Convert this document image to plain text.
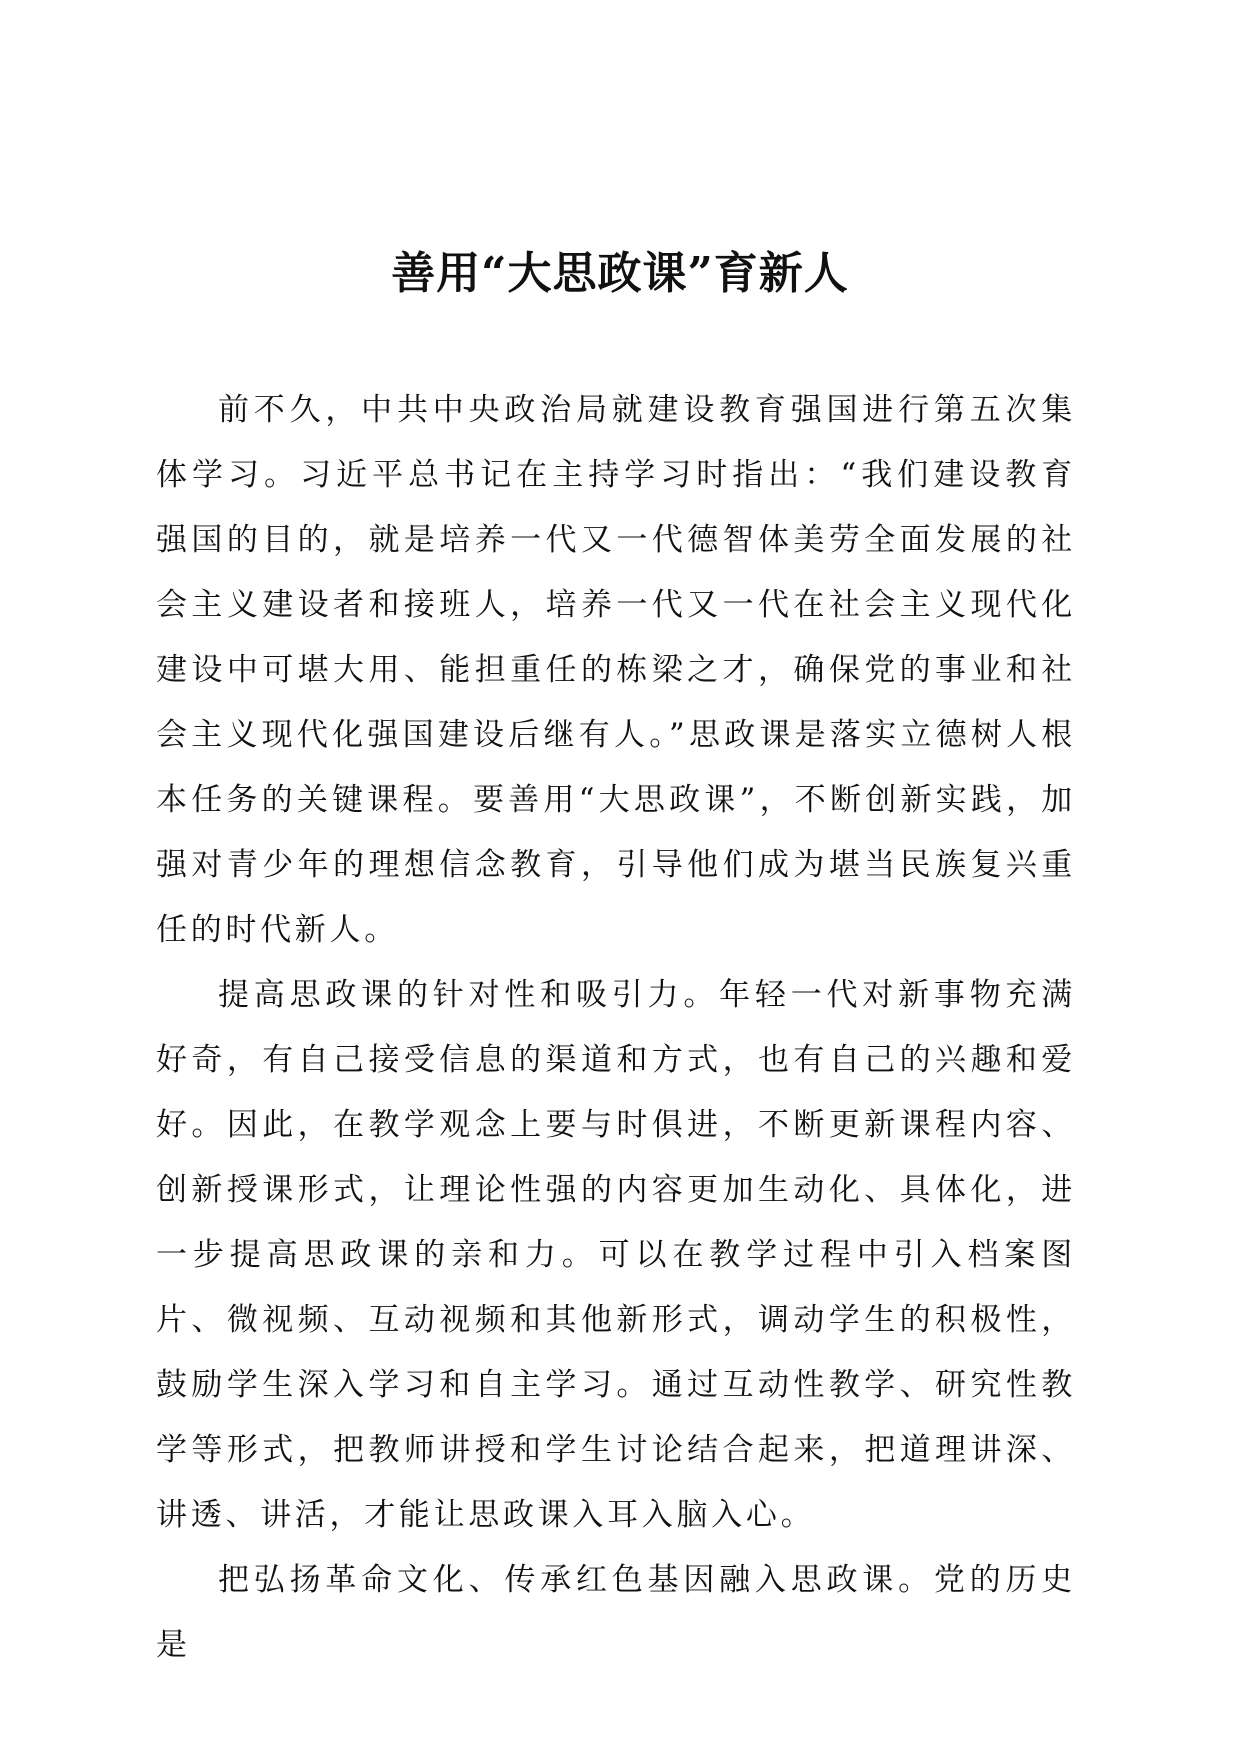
善用“大思政课”育新人

前不久，中共中央政治局就建设教育强国进行第五次集体学习。习近平总书记在主持学习时指出：“我们建设教育强国的目的，就是培养一代又一代德智体美劳全面发展的社会主义建设者和接班人，培养一代又一代在社会主义现代化建设中可堪大用、能担重任的栋梁之才，确保党的事业和社会主义现代化强国建设后继有人。”思政课是落实立德树人根本任务的关键课程。要善用“大思政课”，不断创新实践，加强对青少年的理想信念教育，引导他们成为堪当民族复兴重任的时代新人。

提高思政课的针对性和吸引力。年轻一代对新事物充满好奇，有自己接受信息的渠道和方式，也有自己的兴趣和爱好。因此，在教学观念上要与时俱进，不断更新课程内容、创新授课形式，让理论性强的内容更加生动化、具体化，进一步提高思政课的亲和力。可以在教学过程中引入档案图片、微视频、互动视频和其他新形式，调动学生的积极性，鼓励学生深入学习和自主学习。通过互动性教学、研究性教学等形式，把教师讲授和学生讨论结合起来，把道理讲深、讲透、讲活，才能让思政课入耳入脑入心。

把弘扬革命文化、传承红色基因融入思政课。党的历史是
